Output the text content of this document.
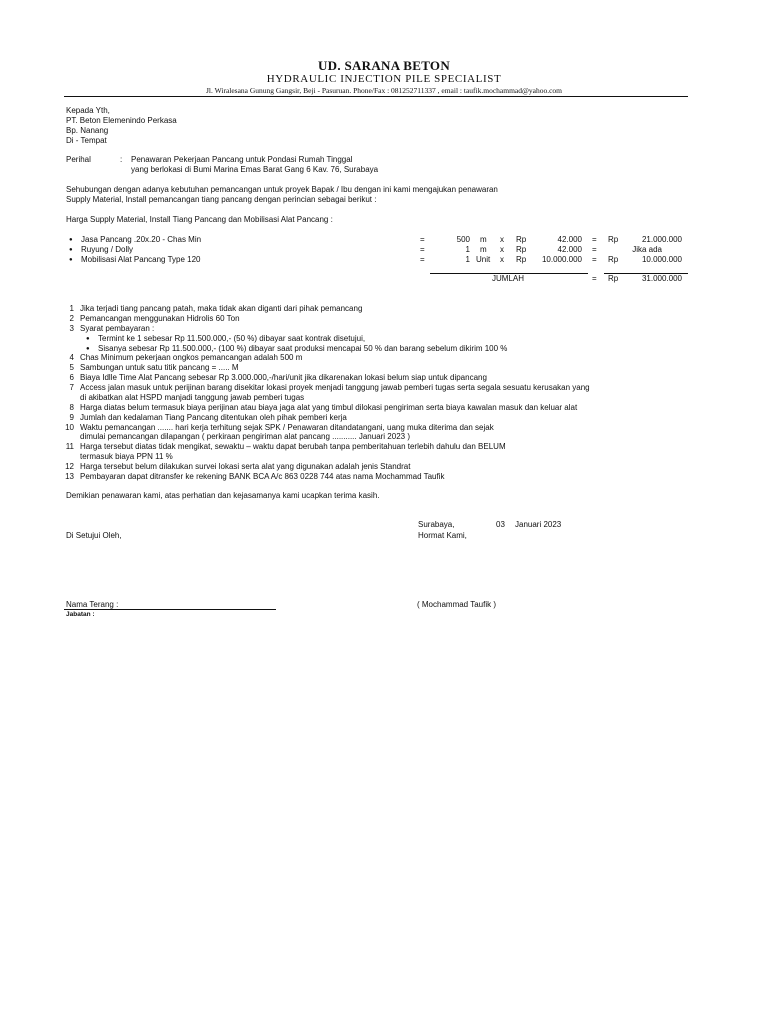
UD. SARANA BETON
HYDRAULIC INJECTION PILE SPECIALIST
Jl. Wiralesana Gunung Gangsir, Beji - Pasuruan. Phone/Fax : 081252711337 , email : taufik.mochammad@yahoo.com
Kepada Yth,
PT. Beton Elemenindo Perkasa
Bp. Nanang
Di - Tempat
Perihal	: Penawaran Pekerjaan Pancang untuk Pondasi Rumah Tinggal
yang berlokasi di Bumi Marina Emas Barat Gang 6 Kav. 76, Surabaya
Sehubungan dengan adanya kebutuhan pemancangan untuk proyek Bapak / Ibu dengan ini kami mengajukan penawaran
Supply Material, Install pemancangan tiang pancang dengan perincian sebagai berikut :
Harga Supply Material, Install Tiang Pancang dan Mobilisasi Alat Pancang :
● Jasa Pancang .20x.20 - Chas Min	=	500 m x Rp	42.000 = Rp	21.000.000
● Ruyung / Dolly	=	1 m x Rp	42.000 =	Jika ada
● Mobilisasi Alat Pancang Type 120	=	1 Unit x Rp	10.000.000 = Rp	10.000.000
JUMLAH	= Rp	31.000.000
1 Jika terjadi tiang pancang patah, maka tidak akan diganti dari pihak pemancang
2 Pemancangan menggunakan Hidrolis 60 Ton
3 Syarat pembayaran :
● Termint ke 1 sebesar Rp 11.500.000,- (50 %) dibayar saat kontrak disetujui,
● Sisanya sebesar Rp 11.500.000,- (100 %) dibayar saat produksi mencapai 50 % dan barang sebelum dikirim 100 %
4 Chas Minimum pekerjaan ongkos pemancangan adalah 500 m
5 Sambungan untuk satu titik pancang = ..... M
6 Biaya Idlle Time Alat Pancang sebesar Rp 3.000.000,-/hari/unit jika dikarenakan lokasi belum siap untuk dipancang
7 Access jalan masuk untuk perijinan barang disekitar lokasi proyek menjadi tanggung jawab pemberi tugas serta segala sesuatu kerusakan yang
di akibatkan alat HSPD manjadi tanggung jawab pemberi tugas
8 Harga diatas belum termasuk biaya perijinan atau biaya jaga alat yang timbul dilokasi pengiriman serta biaya kawalan masuk dan keluar alat
9 Jumlah dan kedalaman Tiang Pancang ditentukan oleh pihak pemberi kerja
10 Waktu pemancangan ....... hari kerja terhitung sejak SPK / Penawaran ditandatangani, uang muka diterima dan sejak
dimulai pemancangan dilapangan ( perkiraan pengiriman alat pancang ........... Januari 2023 )
11 Harga tersebut diatas tidak mengikat, sewaktu – waktu dapat berubah tanpa pemberitahuan terlebih dahulu dan BELUM
termasuk biaya PPN 11 %
12 Harga tersebut belum dilakukan survei lokasi serta alat yang digunakan adalah jenis Standrat
13 Pembayaran dapat ditransfer ke rekening BANK BCA A/c 863 0228 744 atas nama Mochammad Taufik
Demikian penawaran kami, atas perhatian dan kejasamanya kami ucapkan terima kasih.
Surabaya,	03 Januari 2023
Di Setujui Oleh,	Hormat Kami,
Nama Terang :	( Mochammad Taufik )
Jabatan :
